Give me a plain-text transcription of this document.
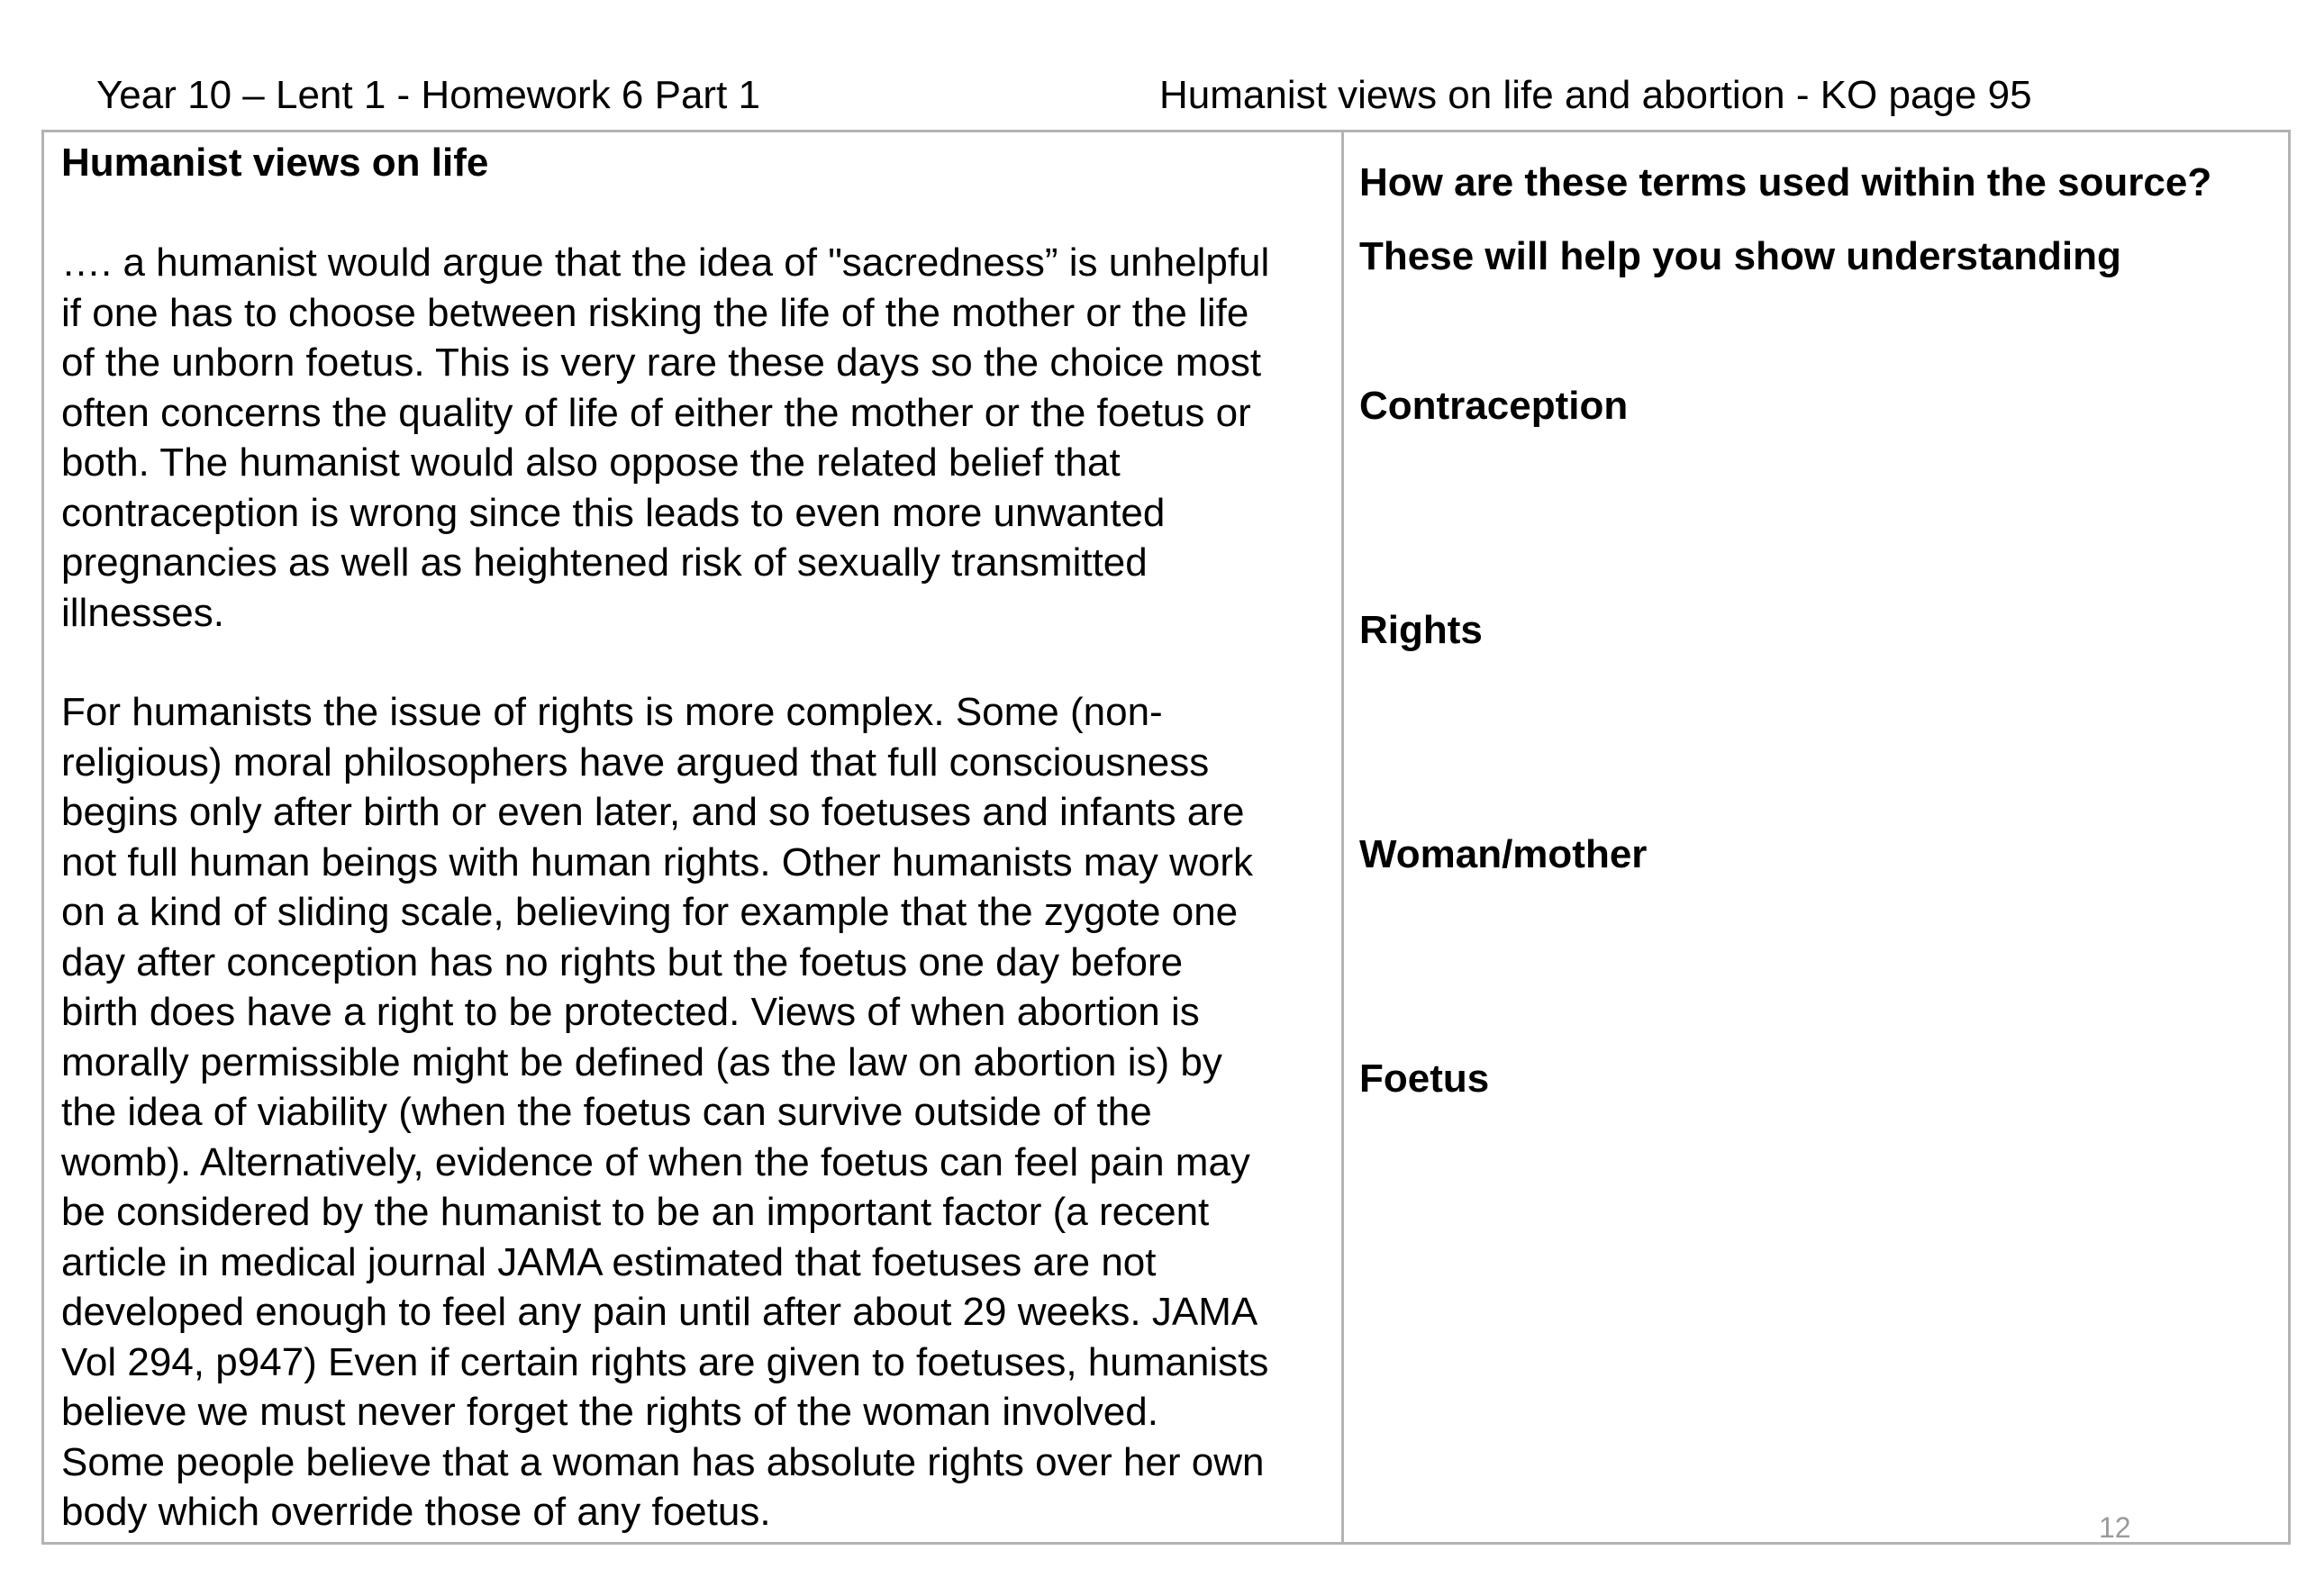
Year 10 – Lent 1 - Homework 6 Part 1	Humanist views on life and abortion - KO page 95

Humanist views on life

…. a humanist would argue that the idea of "sacredness” is unhelpful
if one has to choose between risking the life of the mother or the life
of the unborn foetus. This is very rare these days so the choice most
often concerns the quality of life of either the mother or the foetus or
both. The humanist would also oppose the related belief that
contraception is wrong since this leads to even more unwanted
pregnancies as well as heightened risk of sexually transmitted
illnesses.

For humanists the issue of rights is more complex. Some (non-
religious) moral philosophers have argued that full consciousness
begins only after birth or even later, and so foetuses and infants are
not full human beings with human rights. Other humanists may work
on a kind of sliding scale, believing for example that the zygote one
day after conception has no rights but the foetus one day before
birth does have a right to be protected. Views of when abortion is
morally permissible might be defined (as the law on abortion is) by
the idea of viability (when the foetus can survive outside of the
womb). Alternatively, evidence of when the foetus can feel pain may
be considered by the humanist to be an important factor (a recent
article in medical journal JAMA estimated that foetuses are not
developed enough to feel any pain until after about 29 weeks. JAMA
Vol 294, p947) Even if certain rights are given to foetuses, humanists
believe we must never forget the rights of the woman involved.
Some people believe that a woman has absolute rights over her own
body which override those of any foetus.

How are these terms used within the source?
These will help you show understanding
Contraception
Rights
Woman/mother
Foetus
12
